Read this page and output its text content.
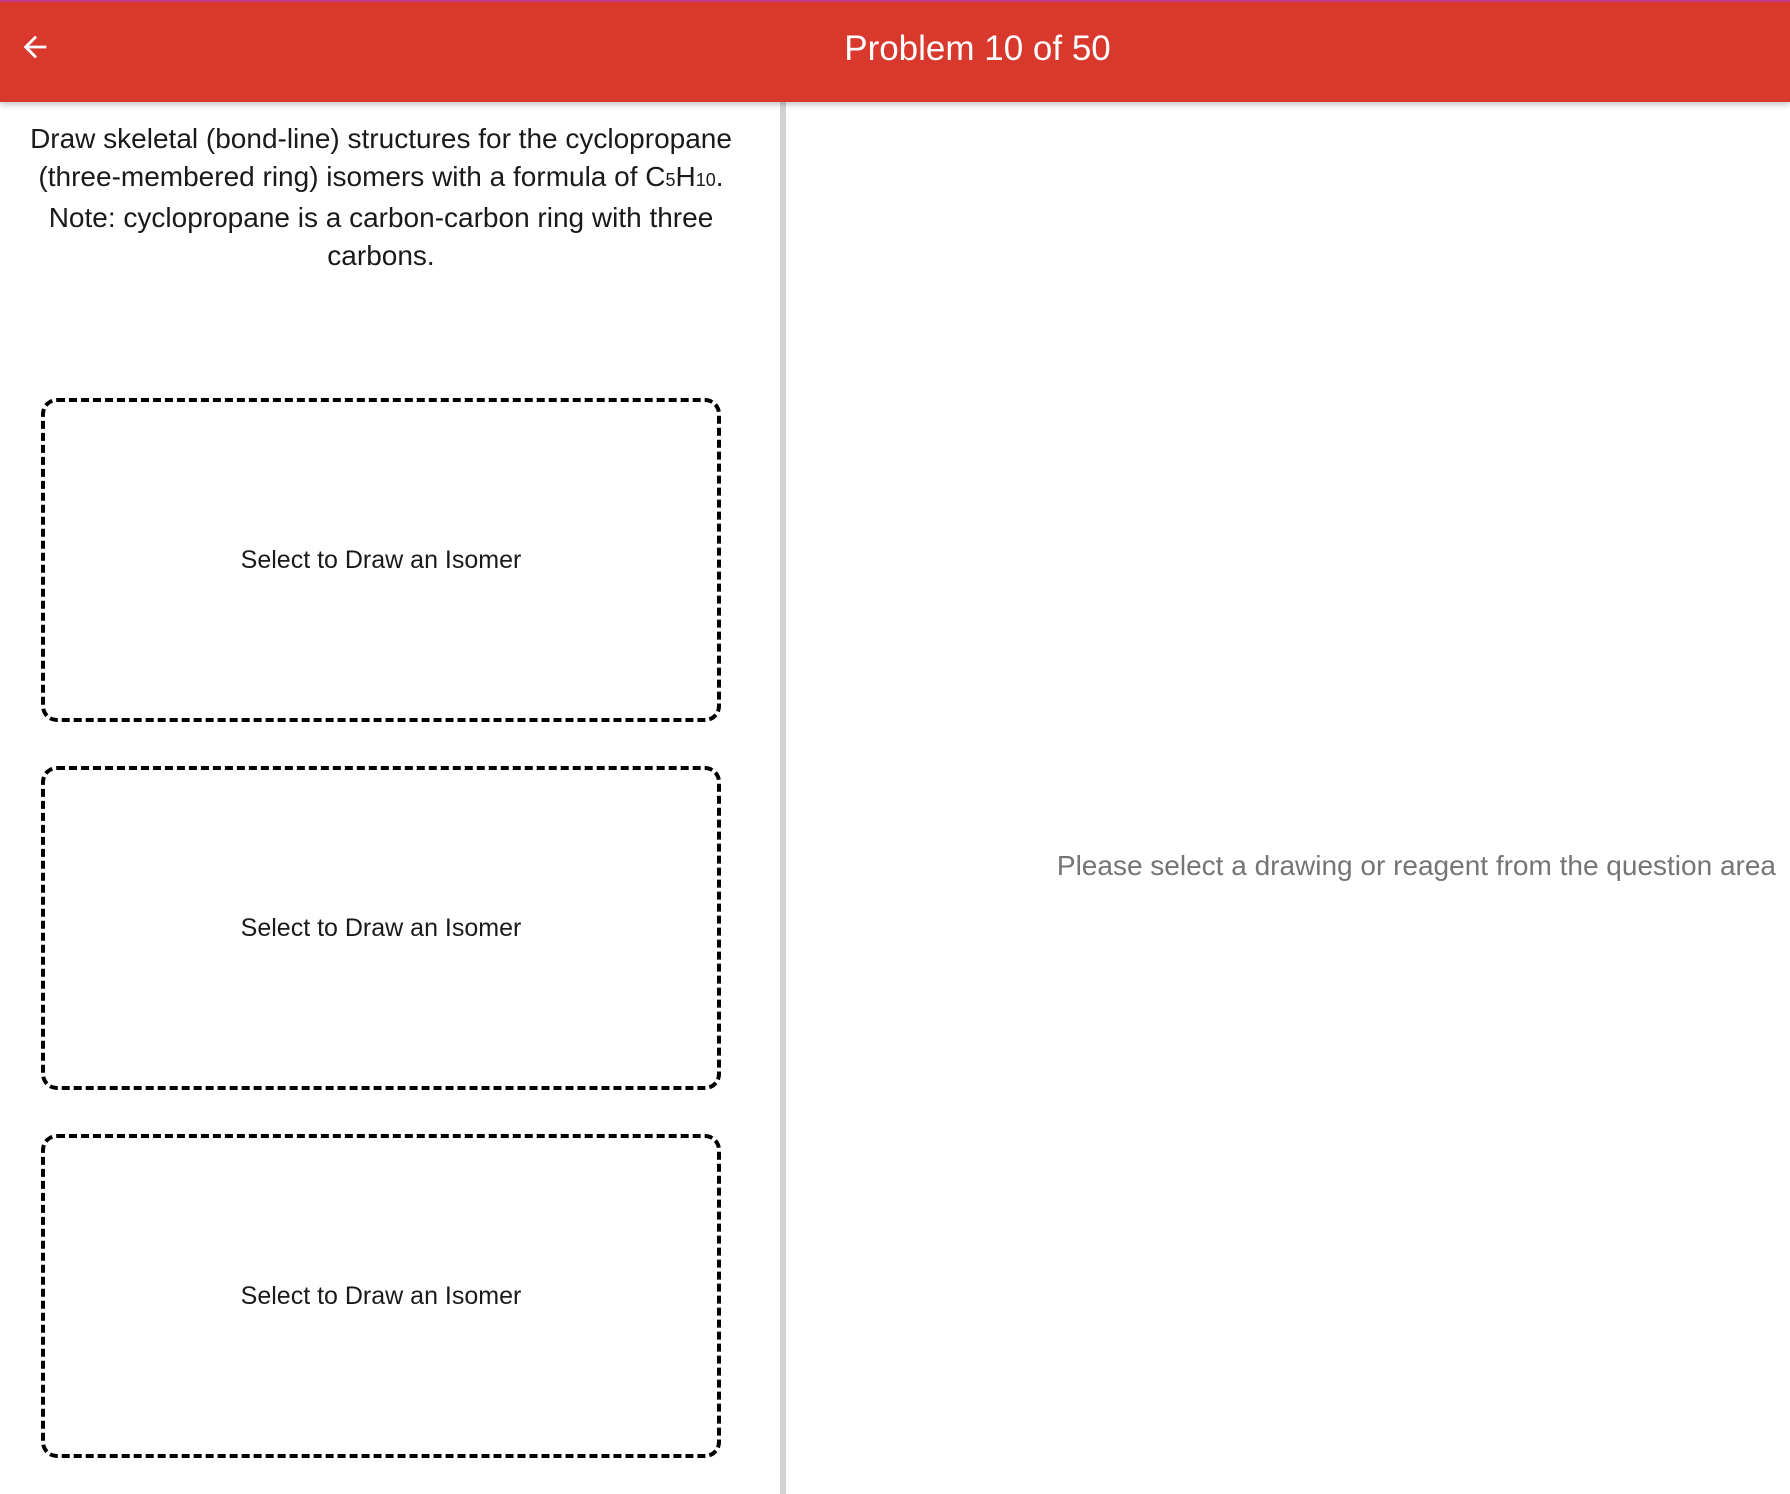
Problem 10 of 50

Draw skeletal (bond-line) structures for the cyclopropane (three-membered ring) isomers with a formula of C5H10. Note: cyclopropane is a carbon-carbon ring with three carbons.

Select to Draw an Isomer
Select to Draw an Isomer
Select to Draw an Isomer
Please select a drawing or reagent from the question area
